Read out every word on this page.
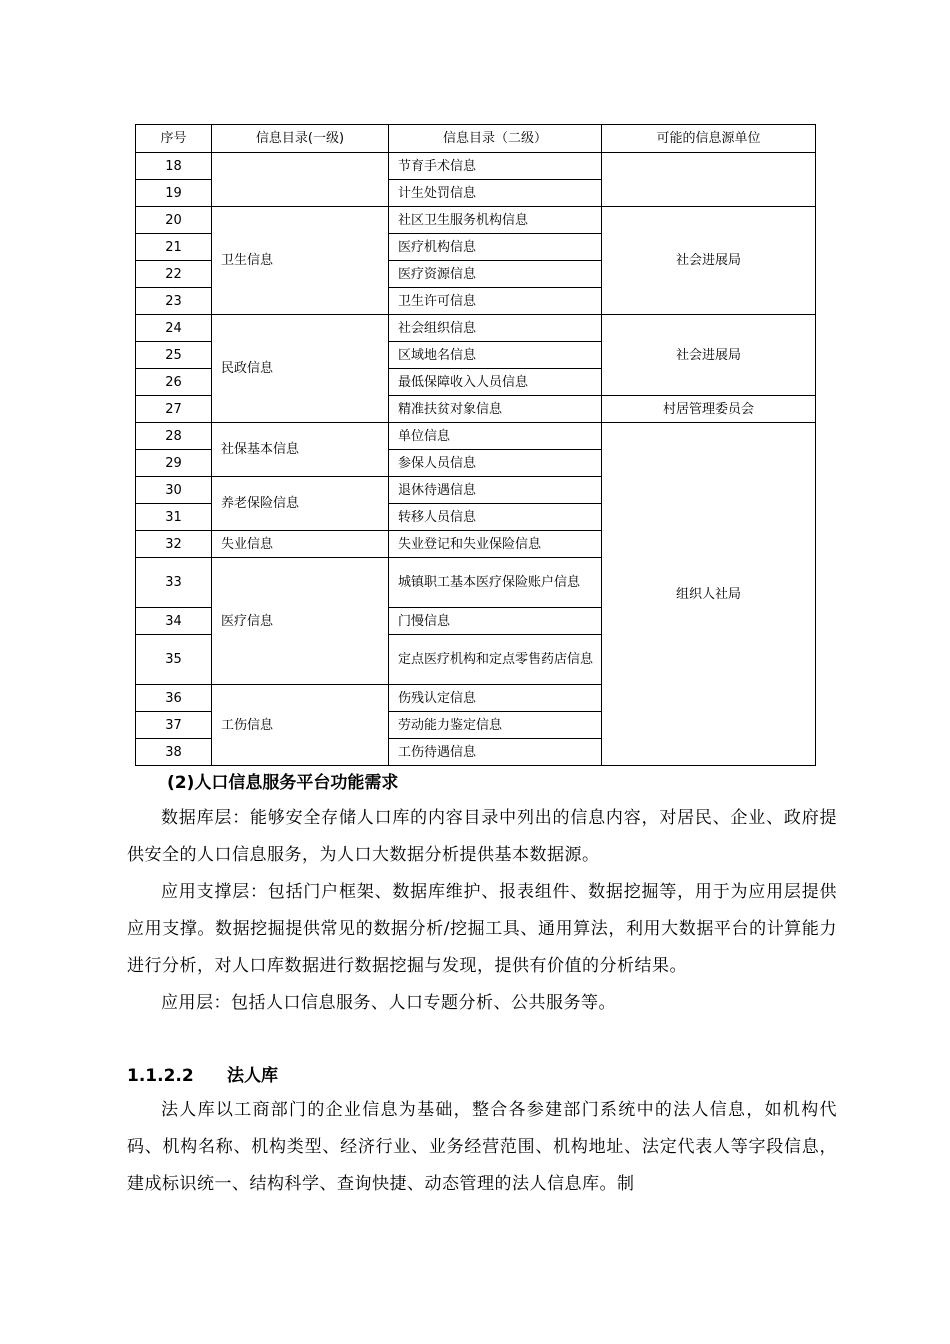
序号	信息目录(一级)	信息目录（二级）	可能的信息源单位
18		节育手术信息	
19		计生处罚信息	
20	卫生信息	社区卫生服务机构信息	社会进展局
21		医疗机构信息	
22		医疗资源信息	
23		卫生许可信息	
24	民政信息	社会组织信息	社会进展局
25		区域地名信息	
26		最低保障收入人员信息	
27		精准扶贫对象信息	村居管理委员会
28	社保基本信息	单位信息	组织人社局
29		参保人员信息	
30	养老保险信息	退休待遇信息	
31		转移人员信息	
32	失业信息	失业登记和失业保险信息	
33	医疗信息	城镇职工基本医疗保险账户信息	
34		门慢信息	
35		定点医疗机构和定点零售药店信息	
36	工伤信息	伤残认定信息	
37		劳动能力鉴定信息	
38		工伤待遇信息	
(2)人口信息服务平台功能需求

数据库层：能够安全存储人口库的内容目录中列出的信息内容，对居民、企业、政府提供安全的人口信息服务，为人口大数据分析提供基本数据源。

应用支撑层：包括门户框架、数据库维护、报表组件、数据挖掘等，用于为应用层提供应用支撑。数据挖掘提供常见的数据分析/挖掘工具、通用算法，利用大数据平台的计算能力进行分析，对人口库数据进行数据挖掘与发现，提供有价值的分析结果。

应用层：包括人口信息服务、人口专题分析、公共服务等。

1.1.2.2 法人库

法人库以工商部门的企业信息为基础，整合各参建部门系统中的法人信息，如机构代码、机构名称、机构类型、经济行业、业务经营范围、机构地址、法定代表人等字段信息，建成标识统一、结构科学、查询快捷、动态管理的法人信息库。制
